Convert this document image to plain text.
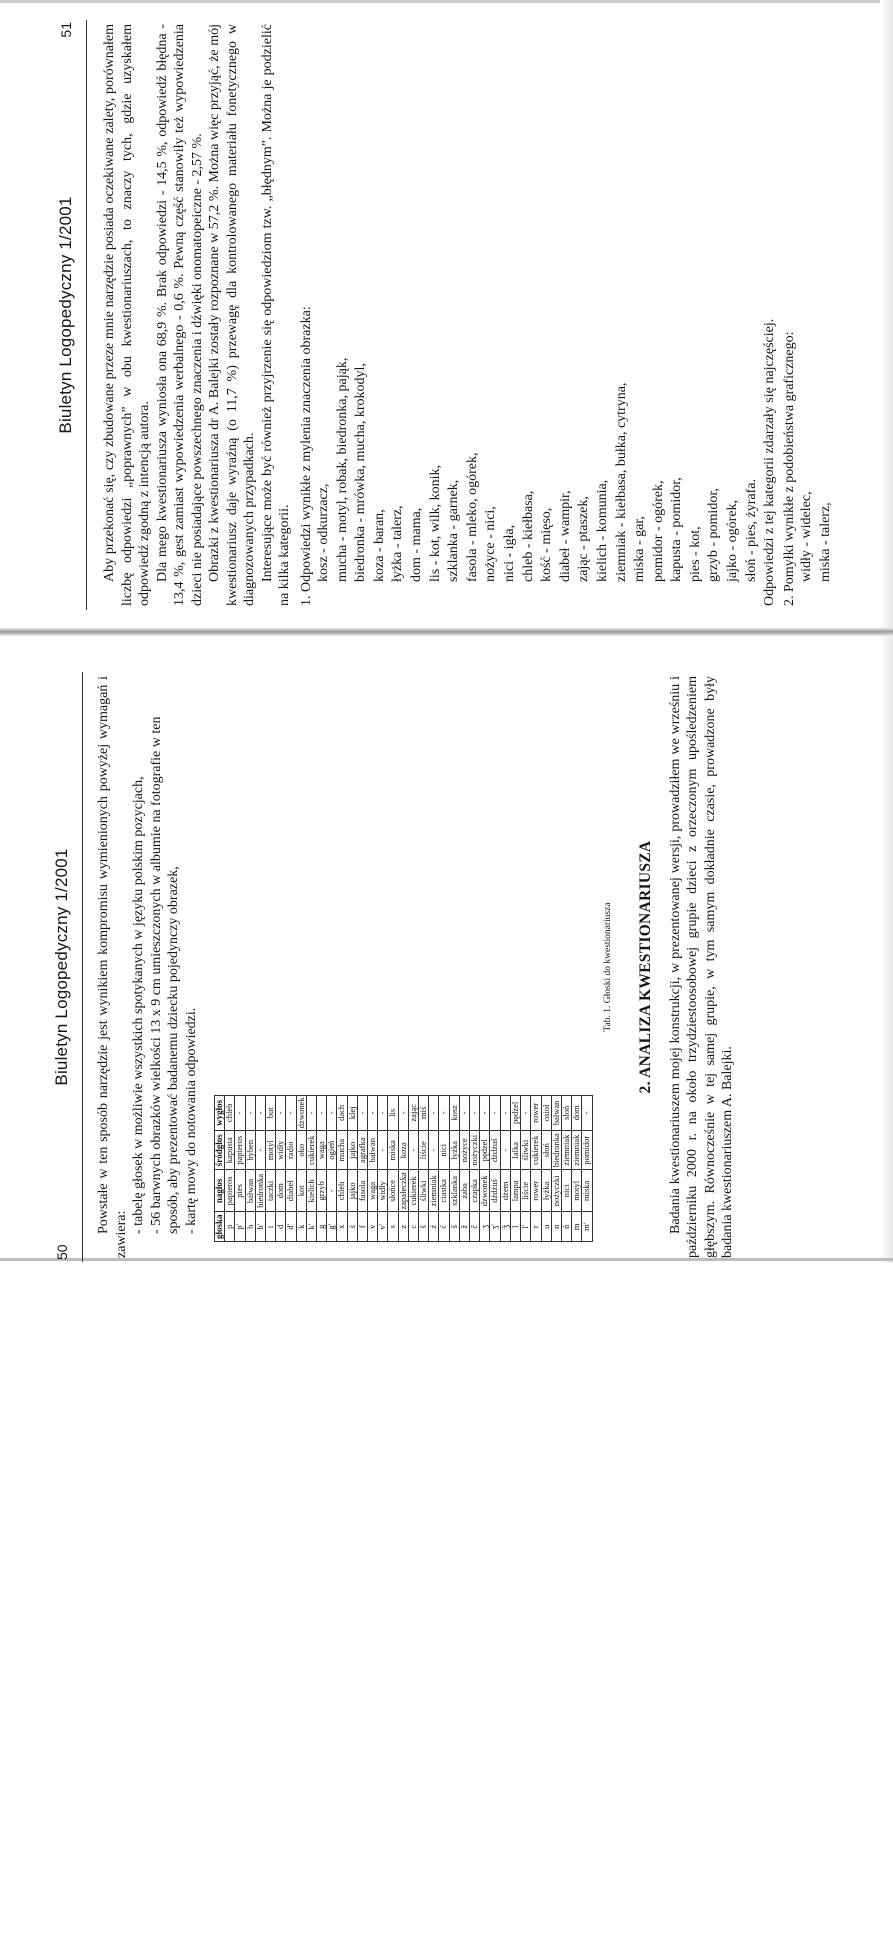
50
Biuletyn Logopedyczny 1/2001 Powstałe w ten sposób narzędzie jest wynikiem kompromisu wymienionych powyżej wymagań i zawiera:

- tabelę głosek w możliwie wszystkich spotykanych w języku polskim pozycjach, - 56 barwnych obrazków wielkości 13 x 9 cm umieszczonych w albumie na fotografie w ten sposób, aby prezentować badanemu dziecku pojedynczy obrazek, - kartę mowy do notowania odpowiedzi. głoska	nagłos	śródgłos	wygłos
p	papieros	kapusta	chleb
p'	pies	papieros	-
b	bałwan	byben	-
b'	biedronka	-	-
t	taczki	motyl	but
d	dom	widły	-
d'	diabeł	radio	-
k	kot	oko	dzwonek
k'	kielich	cukierek	-
g	grzyb	waga	-
g'	-	ogień	-
x	chleb	mucha	dach
ś	jajko	jajko	klej
f	fasola	agrafka	-
v	waga	bałwan	-
v'	widły	-	-
s	słońce	miska	lis
z	zapałeczka	koza	-
c	cukierek	-	zając
š	śliwki	liście	miś
ź	ziemniak	-	-
ć	ciastka	nici	-
š	szklanka	łyżka	kosz
ž	żaba	nożyce	-
č	czapka	nożyczki	-
ʒ	dzwonek	pędzel	-
ʒ'	dżdżuś	dżdżuś	-
ǯ	dżem	-	-
l	lampa	lalka	pędzel
l'	liście	śliwki	-
r	rower	cukierek	rower
u	łyżka	słoń	osioł
n	nożyczki	biedronka	bałwan
ń	nici	ziemniak	słoń
m	motyl	ziemniak	dom
m'	miska	pomidor	-
Tab. 1. Głoski do kwestionariusza 2. ANALIZA KWESTIONARIUSZA Badania kwestionariuszem mojej konstrukcji, w prezentowanej wersji, prowadziłem we wrześniu i październiku 2000 r. na około trzydziestoosobowej grupie dzieci z orzeczonym upośledzeniem głębszym. Równocześnie w tej samej grupie, w tym samym dokładnie czasie, prowadzone były badania kwestionariuszem A. Balejki.

Biuletyn Logopedyczny 1/2001
51 Aby przekonać się, czy zbudowane przeze mnie narzędzie posiada oczekiwane zalety, porównałem liczbę odpowiedzi „poprawnych” w obu kwestionariuszach, to znaczy tych, gdzie uzyskałem odpowiedź zgodną z intencją autora. Dla mego kwestionariusza wyniosła ona 68,9 %. Brak odpowiedzi - 14,5 %, odpowiedź błędna - 13,4 %, gest zamiast wypowiedzenia werbalnego - 0,6 %. Pewną część stanowiły też wypowiedzenia dzieci nie posiadające powszechnego znaczenia i dźwięki onomatopeiczne - 2,57 %. Obrazki z kwestionariusza dr A. Balejki zostały rozpoznane w 57,2 %. Można więc przyjąć, że mój kwestionariusz daje wyraźną (o 11,7 %) przewagę dla kontrolowanego materiału fonetycznego w diagnozowanych przypadkach. Interesujące może być również przyjrzenie się odpowiedziom tzw. „błędnym”. Można je podzielić na kilka kategorii. 1. Odpowiedzi wynikłe z mylenia znaczenia obrazka: kosz - odkurzacz, mucha - motyl, robak, biedronka, pająk, biedronka - mrówka, mucha, krokodyl, koza - baran, łyżka - talerz, dom - mama, lis - kot, wilk, konik, szklanka - garnek, fasola - mleko, ogórek, nożyce - nici, nici - igła, chleb - kiełbasa, kość - mięso, diabeł - wampir, zając - ptaszek, kielich - komunia, ziemniak - kiełbasa, bułka, cytryna, miska - gar, pomidor - ogórek, kapusta - pomidor, pies - kot, grzyb - pomidor, jajko - ogórek, słoń - pies, żyrafa. Odpowiedzi z tej kategorii zdarzały się najczęściej. 2. Pomyłki wynikłe z podobieństwa graficznego: widły - widelec, miska - talerz,
